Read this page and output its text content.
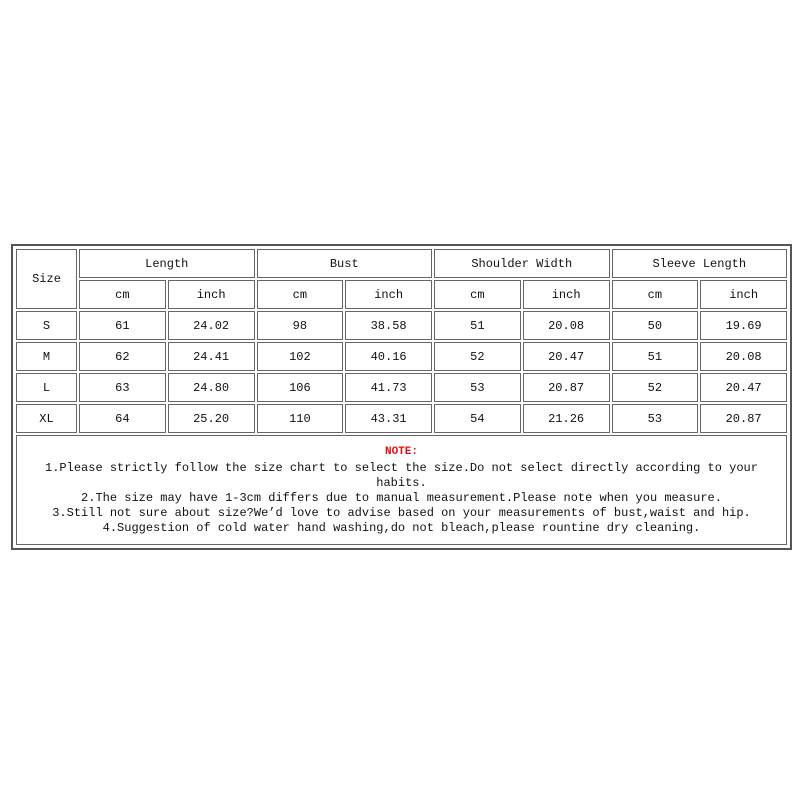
Size	Length		Bust		Shoulder Width		Sleeve Length	
	cm	inch	cm	inch	cm	inch	cm	inch
S	61	24.02	98	38.58	51	20.08	50	19.69
M	62	24.41	102	40.16	52	20.47	51	20.08
L	63	24.80	106	41.73	53	20.87	52	20.47
XL	64	25.20	110	43.31	54	21.26	53	20.87

NOTE:
1.Please strictly follow the size chart to select the size.Do not select directly according to your habits.
2.The size may have 1-3cm differs due to manual measurement.Please note when you measure.
3.Still not sure about size?We’d love to advise based on your measurements of bust,waist and hip.
4.Suggestion of cold water hand washing,do not bleach,please rountine dry cleaning.								
